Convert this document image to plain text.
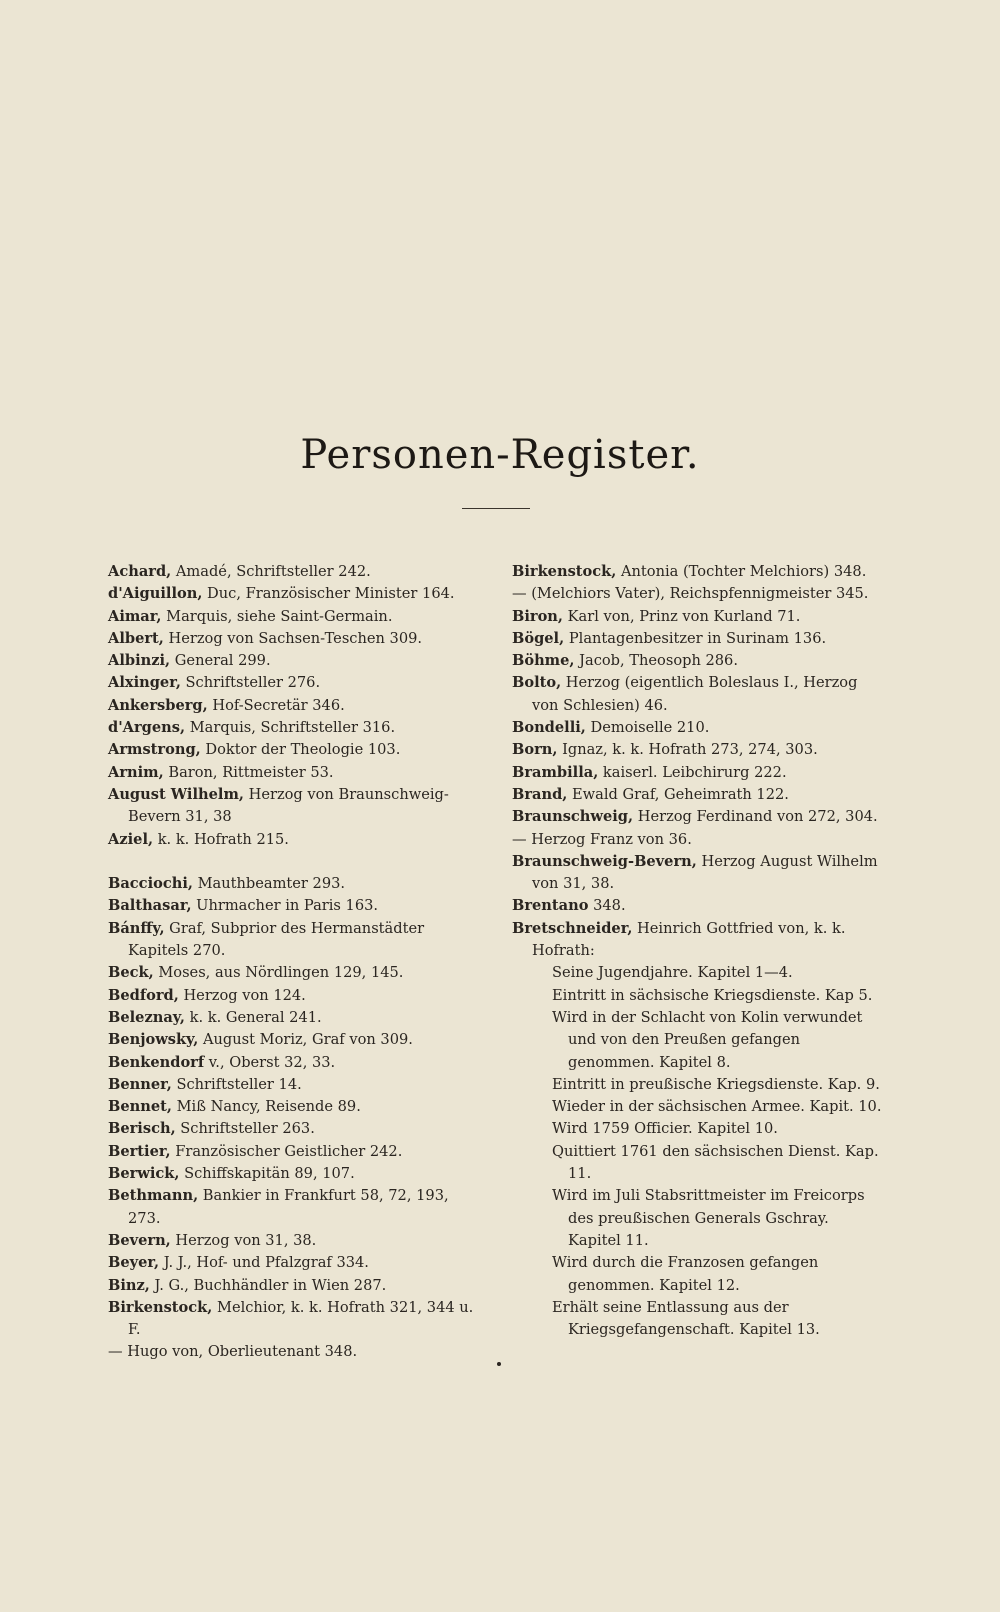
Personen-Register.
Achard, Amadé, Schriftsteller 242.
d'Aiguillon, Duc, Französischer Minister 164.
Aimar, Marquis, siehe Saint-Germain.
Albert, Herzog von Sachsen-Teschen 309.
Albinzi, General 299.
Alxinger, Schriftsteller 276.
Ankersberg, Hof-Secretär 346.
d'Argens, Marquis, Schriftsteller 316.
Armstrong, Doktor der Theologie 103.
Arnim, Baron, Rittmeister 53.
August Wilhelm, Herzog von Braunschweig-Bevern 31, 38
Aziel, k. k. Hofrath 215.
Bacciochi, Mauthbeamter 293.
Balthasar, Uhrmacher in Paris 163.
Bánffy, Graf, Subprior des Hermanstädter Kapitels 270.
Beck, Moses, aus Nördlingen 129, 145.
Bedford, Herzog von 124.
Beleznay, k. k. General 241.
Benjowsky, August Moriz, Graf von 309.
Benkendorf v., Oberst 32, 33.
Benner, Schriftsteller 14.
Bennet, Miß Nancy, Reisende 89.
Berisch, Schriftsteller 263.
Bertier, Französischer Geistlicher 242.
Berwick, Schiffskapitän 89, 107.
Bethmann, Bankier in Frankfurt 58, 72, 193, 273.
Bevern, Herzog von 31, 38.
Beyer, J. J., Hof- und Pfalzgraf 334.
Binz, J. G., Buchhändler in Wien 287.
Birkenstock, Melchior, k. k. Hofrath 321, 344 u. F.
— Hugo von, Oberlieutenant 348.
Birkenstock, Antonia (Tochter Melchiors) 348.
— (Melchiors Vater), Reichspfennigmeister 345.
Biron, Karl von, Prinz von Kurland 71.
Bögel, Plantagenbesitzer in Surinam 136.
Böhme, Jacob, Theosoph 286.
Bolto, Herzog (eigentlich Boleslaus I., Herzog von Schlesien) 46.
Bondelli, Demoiselle 210.
Born, Ignaz, k. k. Hofrath 273, 274, 303.
Brambilla, kaiserl. Leibchirurg 222.
Brand, Ewald Graf, Geheimrath 122.
Braunschweig, Herzog Ferdinand von 272, 304.
— Herzog Franz von 36.
Braunschweig-Bevern, Herzog August Wilhelm von 31, 38.
Brentano 348.
Bretschneider, Heinrich Gottfried von, k. k. Hofrath:
Seine Jugendjahre. Kapitel 1—4.
Eintritt in sächsische Kriegsdienste. Kap 5.
Wird in der Schlacht von Kolin verwundet und von den Preußen gefangen genommen. Kapitel 8.
Eintritt in preußische Kriegsdienste. Kap. 9.
Wieder in der sächsischen Armee. Kapit. 10.
Wird 1759 Officier. Kapitel 10.
Quittiert 1761 den sächsischen Dienst. Kap. 11.
Wird im Juli Stabsrittmeister im Freicorps des preußischen Generals Gschray. Kapitel 11.
Wird durch die Franzosen gefangen genommen. Kapitel 12.
Erhält seine Entlassung aus der Kriegsgefangenschaft. Kapitel 13.
